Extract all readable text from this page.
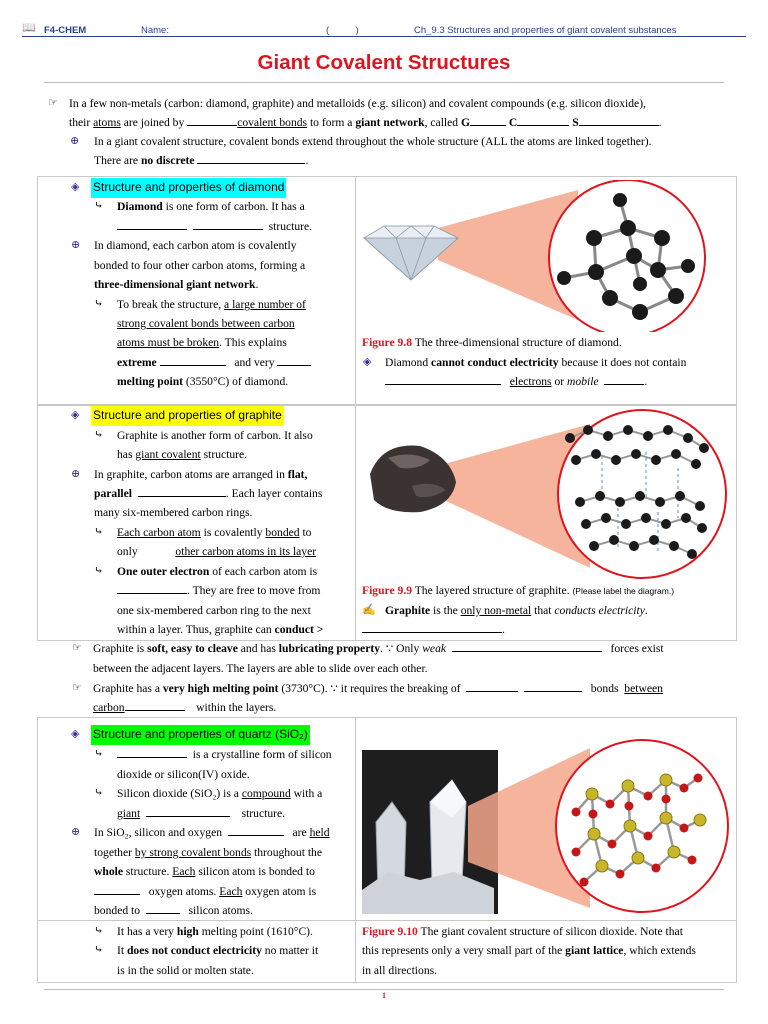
📖 F4-CHEM	Name:	(          )	Ch_9.3 Structures and properties of giant covalent substances
Giant Covalent Structures
☞ In a few non-metals (carbon: diamond, graphite) and metalloids (e.g. silicon) and covalent compounds (e.g. silicon dioxide),
their atoms are joined by	covalent bonds to form a giant network, called G	C	S	.
⊕ In a giant covalent structure, covalent bonds extend throughout the whole structure (ALL the atoms are linked together).
There are no discrete	.
◈ Structure and properties of diamond
⤷ Diamond is one form of carbon. It has a
structure.
⊕ In diamond, each carbon atom is covalently
bonded to four other carbon atoms, forming a
three-dimensional giant network.
⤷ To break the structure, a large number of
strong covalent bonds between carbon
atoms must be broken. This explains
extreme	and very
melting point (3550°C) of diamond.
Figure 9.8 The three-dimensional structure of diamond.
◈ Diamond cannot conduct electricity because it does not contain
electrons or mobile	.
◈ Structure and properties of graphite
⤷ Graphite is another form of carbon. It also
has giant covalent structure.
⊕ In graphite, carbon atoms are arranged in flat,
parallel	. Each layer contains
many six-membered carbon rings.
⤷ Each carbon atom is covalently bonded to
only	other carbon atoms in its layer
⤷ One outer electron of each carbon atom is
. They are free to move from
one six-membered carbon ring to the next
within a layer. Thus, graphite can conduct >
Figure 9.9 The layered structure of graphite. (Please label the diagram.)
✍ Graphite is the only non-metal that conducts electricity.
.
☞ Graphite is soft, easy to cleave and has lubricating property. ∵ Only weak	forces exist
between the adjacent layers. The layers are able to slide over each other.
☞ Graphite has a very high melting point (3730°C). ∵ it requires the breaking of	bonds between
carbon	within the layers.
◈ Structure and properties of quartz (SiO₂)
⤷	is a crystalline form of silicon
dioxide or silicon(IV) oxide.
⤷ Silicon dioxide (SiO₂) is a compound with a
giant	structure.
⊕ In SiO₂, silicon and oxygen	are held
together by strong covalent bonds throughout the
whole structure. Each silicon atom is bonded to
oxygen atoms. Each oxygen atom is
bonded to	silicon atoms.
⤷ It has a very high melting point (1610°C).
⤷ It does not conduct electricity no matter it
is in the solid or molten state.
Figure 9.10 The giant covalent structure of silicon dioxide. Note that
this represents only a very small part of the giant lattice, which extends
in all directions.
1
